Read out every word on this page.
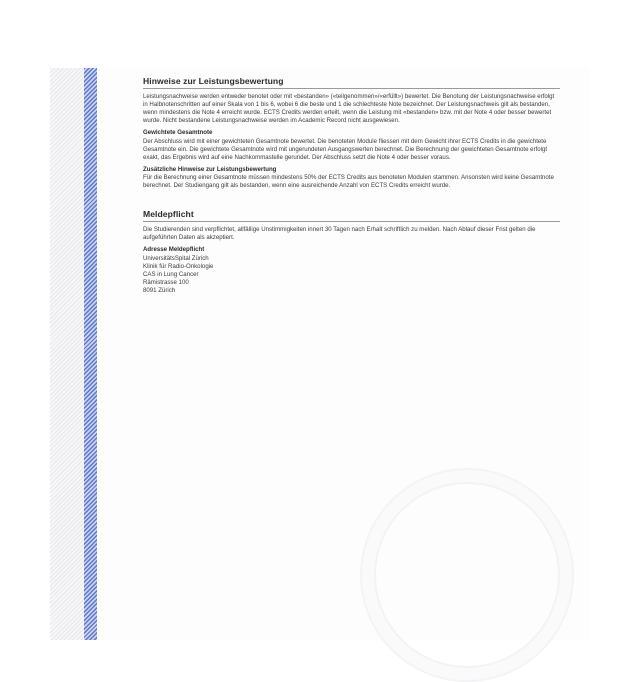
Hinweise zur Leistungsbewertung

Leistungsnachweise werden entweder benotet oder mit «bestanden» («teilgenommen»/«erfüllt») bewertet. Die Benotung der Leistungsnachweise erfolgt in Halbnotenschritten auf einer Skala von 1 bis 6, wobei 6 die beste und 1 die schlechteste Note bezeichnet. Der Leistungsnachweis gilt als bestanden, wenn mindestens die Note 4 erreicht wurde. ECTS Credits werden erteilt, wenn die Leistung mit «bestanden» bzw. mit der Note 4 oder besser bewertet wurde. Nicht bestandene Leistungsnachweise werden im Academic Record nicht ausgewiesen.

Gewichtete Gesamtnote

Der Abschluss wird mit einer gewichteten Gesamtnote bewertet. Die benoteten Module fliessen mit dem Gewicht ihrer ECTS Credits in die gewichtete Gesamtnote ein. Die gewichtete Gesamtnote wird mit ungerundeten Ausgangswerten berechnet. Die Berechnung der gewichteten Gesamtnote erfolgt exakt, das Ergebnis wird auf eine Nachkommastelle gerundet. Der Abschluss setzt die Note 4 oder besser voraus.

Zusätzliche Hinweise zur Leistungsbewertung

Für die Berechnung einer Gesamtnote müssen mindestens 50% der ECTS Credits aus benoteten Modulen stammen. Ansonsten wird keine Gesamtnote berechnet. Der Studiengang gilt als bestanden, wenn eine ausreichende Anzahl von ECTS Credits erreicht wurde.

Meldepflicht

Die Studierenden sind verpflichtet, allfällige Unstimmigkeiten innert 30 Tagen nach Erhalt schriftlich zu melden. Nach Ablauf dieser Frist gelten die aufgeführten Daten als akzeptiert.

Adresse Meldepflicht
UniversitätsSpital Zürich
Klinik für Radio-Onkologie
CAS in Lung Cancer
Rämistrasse 100
8091 Zürich
